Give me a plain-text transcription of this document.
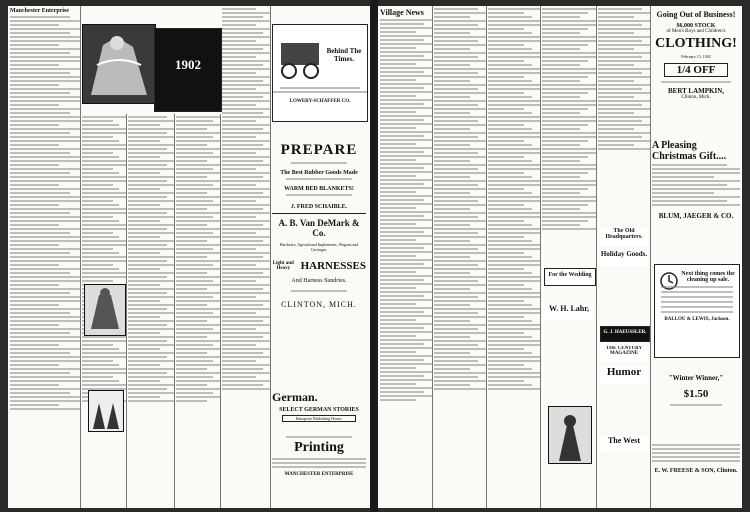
Manchester Enterprise
1902
Behind The Times.
LOWERY-SCHAFFER CO.
PREPARE
The Best Rubber Goods Made
WARM BED BLANKETS!
J. FRED SCHAIBLE.
A. B. Van DeMark & Co.
Hardware, Agricultural Implements, Wagons and Carriages.
Light and Heavy HARNESSES
And Harness Sundries.
CLINTON, MICH.
German.
SELECT GERMAN STORIES
Enterprise Publishing House.
Printing
MANCHESTER ENTERPRISE
Village News
For the Wedding
W. H. Lahr,
The Old Headquarters.
Holiday Goods.
G. J. HAEUSSLER.
THE CENTURY MAGAZINE
Humor
The West
Going Out of Business!
$6,000 STOCK
of Men's Boys and Children's
CLOTHING!
February 15, 1902
1/4 OFF
BERT LAMPKIN,
Clinton, Mich.
A Pleasing Christmas Gift....
BLUM, JAEGER & CO.
Next thing comes the cleaning up sale.
BALLOU & LEWIS, Jackson.
"Winter Winner,"
$1.50
E. W. FREESE & SON, Clinton.
